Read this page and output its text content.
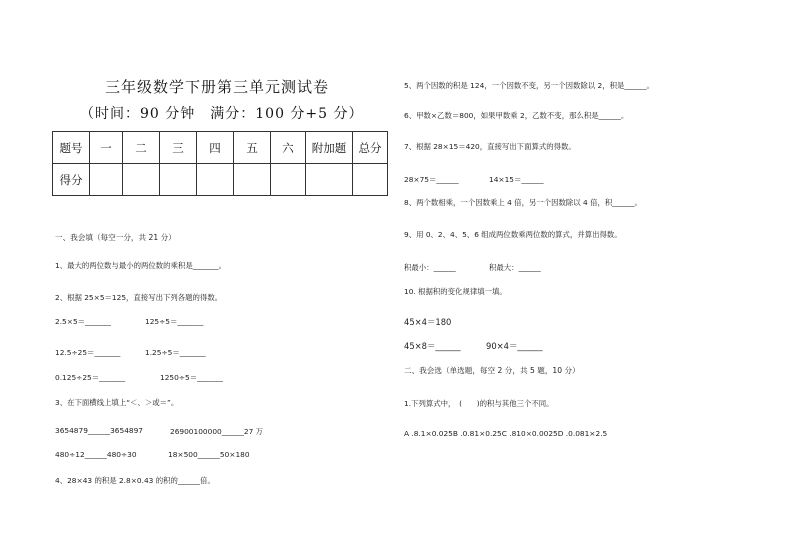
三年级数学下册第三单元测试卷
（时间：90 分钟　满分：100 分+5 分）
题号	一	二	三	四	五	六	附加题	总分
得分								
一、我会填（每空一分，共 21 分）
1、最大的两位数与最小的两位数的乘积是_______。
2、根据 25×5＝125，直接写出下列各题的得数。
2.5×5＝_______	125÷5＝_______
12.5÷25＝_______	1.25÷5＝_______
0.125÷25＝_______	1250÷5＝_______
3、在下面横线上填上“＜、＞或＝”。
3654879______3654897	26900100000______27 万
480÷12______480÷30	18×500______50×180
4、28×43 的积是 2.8×0.43 的积的______倍。
5、两个因数的积是 124，一个因数不变，另一个因数除以 2，积是______。
6、甲数×乙数＝800，如果甲数乘 2，乙数不变，那么积是______。
7、根据 28×15＝420，直接写出下面算式的得数。
28×75＝______	14×15＝______
8、两个数相乘，一个因数乘上 4 倍，另一个因数除以 4 倍，积______。
9、用 0、2、4、5、6 组成两位数乘两位数的算式，并算出得数。
积最小：______	积最大：______
10. 根据积的变化规律填一填。
45×4＝180
45×8＝______	90×4＝______
二、我会选（单选题，每空 2 分，共 5 题，10 分）
1.下列算式中，　(　　)的积与其他三个不同。
A .8.1×0.025B .0.81×0.25C .810×0.0025D .0.081×2.5
